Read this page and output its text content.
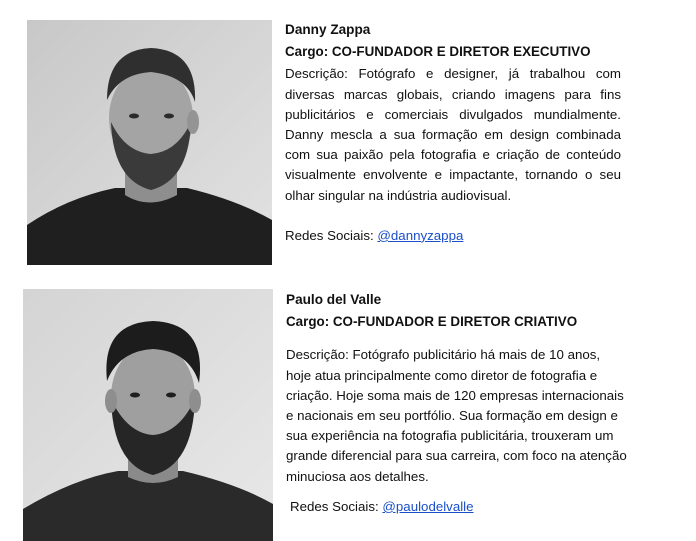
Danny Zappa

Cargo: CO-FUNDADOR E DIRETOR EXECUTIVO

Descrição: Fotógrafo e designer, já trabalhou com diversas marcas globais, criando imagens para fins publicitários e comerciais divulgados mundialmente. Danny mescla a sua formação em design combinada com sua paixão pela fotografia e criação de conteúdo visualmente envolvente e impactante, tornando o seu olhar singular na indústria audiovisual.

Redes Sociais: @dannyzappa

Paulo del Valle

Cargo: CO-FUNDADOR E DIRETOR CRIATIVO

Descrição: Fotógrafo publicitário há mais de 10 anos, hoje atua principalmente como diretor de fotografia e criação. Hoje soma mais de 120 empresas internacionais e nacionais em seu portfólio. Sua formação em design e sua experiência na fotografia publicitária, trouxeram um grande diferencial para sua carreira, com foco na atenção minuciosa aos detalhes.

Redes Sociais: @paulodelvalle
